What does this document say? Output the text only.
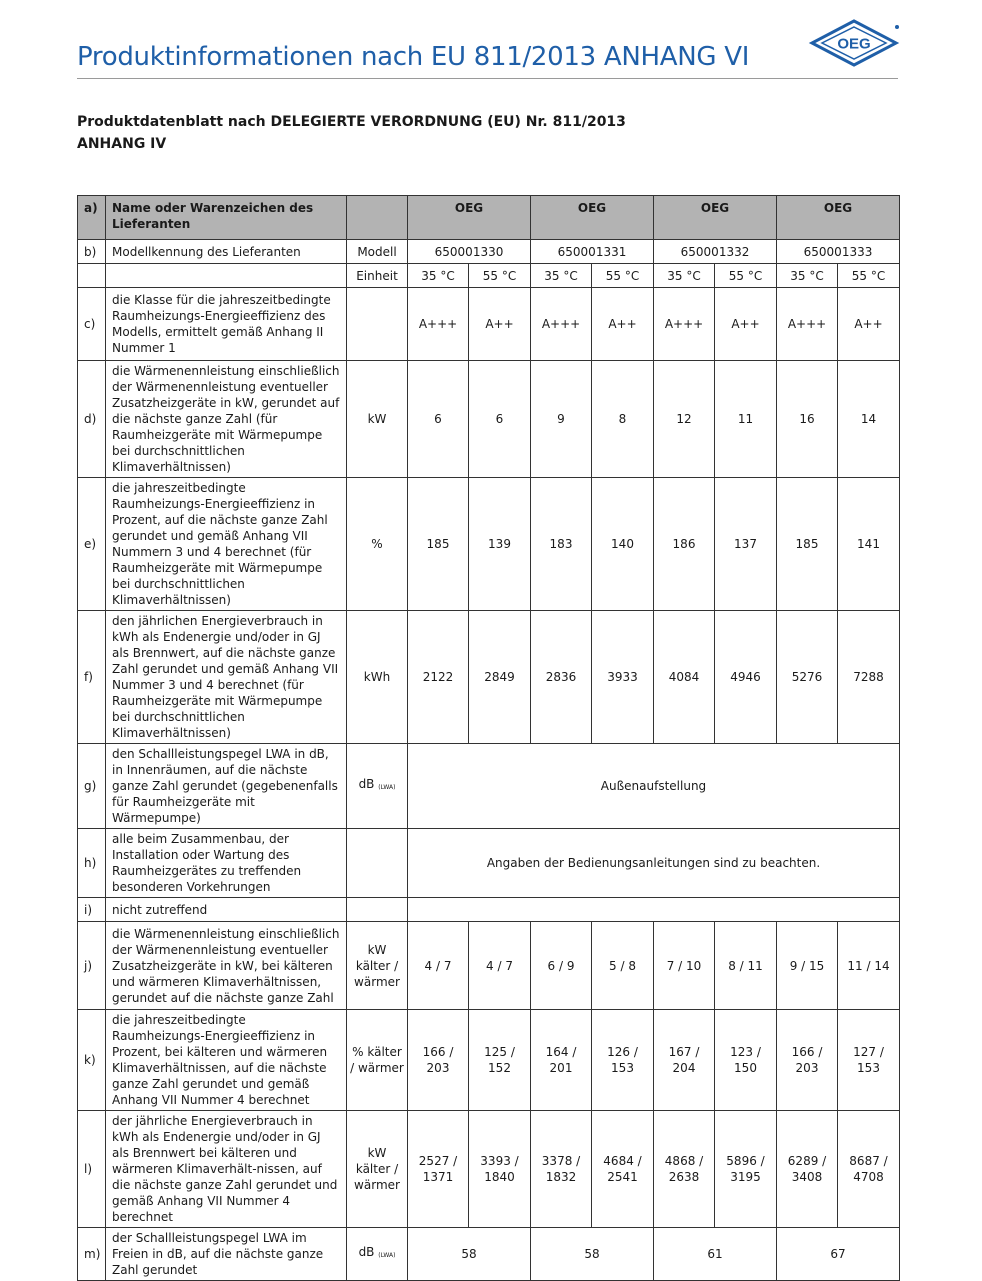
Produktinformationen nach EU 811/2013 ANHANG VI	OEG
Produktdatenblatt nach DELEGIERTE VERORDNUNG (EU) Nr. 811/2013
ANHANG IV
a)	Name oder Warenzeichen des Lieferanten		OEG		OEG		OEG		OEG	
b)	Modellkennung des Lieferanten	Modell	650001330		650001331		650001332		650001333	
		Einheit	35 °C	55 °C	35 °C	55 °C	35 °C	55 °C	35 °C	55 °C
c)	die Klasse für die jahreszeitbedingte Raumheizungs-Energieeffizienz des Modells, ermittelt gemäß Anhang II Nummer 1		A+++	A++	A+++	A++	A+++	A++	A+++	A++
d)	die Wärmenennleistung einschließlich der Wärmenennleistung eventueller Zusatzheizgeräte in kW, gerundet auf die nächste ganze Zahl (für Raumheizgeräte mit Wärmepumpe bei durchschnittlichen Klimaverhältnissen)	kW	6	6	9	8	12	11	16	14
e)	die jahreszeitbedingte Raumheizungs-Energieeffizienz in Prozent, auf die nächste ganze Zahl gerundet und gemäß Anhang VII Nummern 3 und 4 berechnet (für Raumheizgeräte mit Wärmepumpe bei durchschnittlichen Klimaverhältnissen)	%	185	139	183	140	186	137	185	141
f)	den jährlichen Energieverbrauch in kWh als Endenergie und/oder in GJ als Brennwert, auf die nächste ganze Zahl gerundet und gemäß Anhang VII Nummer 3 und 4 berechnet (für Raumheizgeräte mit Wärmepumpe bei durchschnittlichen Klimaverhältnissen)	kWh	2122	2849	2836	3933	4084	4946	5276	7288
g)	den Schallleistungspegel LWA in dB, in Innenräumen, auf die nächste ganze Zahl gerundet (gegebenenfalls für Raumheizgeräte mit Wärmepumpe)	dB $_{(LWA)}$	Außenaufstellung							
h)	alle beim Zusammenbau, der Installation oder Wartung des Raumheizgerätes zu treffenden besonderen Vorkehrungen		Angaben der Bedienungsanleitungen sind zu beachten.							
i)	nicht zutreffend									
j)	die Wärmenennleistung einschließlich der Wärmenennleistung eventueller Zusatzheizgeräte in kW, bei kälteren und wärmeren Klimaverhältnissen, gerundet auf die nächste ganze Zahl	kW kälter / wärmer	4 / 7	4 / 7	6 / 9	5 / 8	7 / 10	8 / 11	9 / 15	11 / 14
k)	die jahreszeitbedingte Raumheizungs-Energieeffizienz in Prozent, bei kälteren und wärmeren Klimaverhältnissen, auf die nächste ganze Zahl gerundet und gemäß Anhang VII Nummer 4 berechnet	% kälter / wärmer	166 / 203	125 / 152	164 / 201	126 / 153	167 / 204	123 / 150	166 / 203	127 / 153
l)	der jährliche Energieverbrauch in kWh als Endenergie und/oder in GJ als Brennwert bei kälteren und wärmeren Klimaverhält-nissen, auf die nächste ganze Zahl gerundet und gemäß Anhang VII Nummer 4 berechnet	kW kälter / wärmer	2527 / 1371	3393 / 1840	3378 / 1832	4684 / 2541	4868 / 2638	5896 / 3195	6289 / 3408	8687 / 4708
m)	der Schallleistungspegel LWA im Freien in dB, auf die nächste ganze Zahl gerundet	dB $_{(LWA)}$	58		58		61		67	
